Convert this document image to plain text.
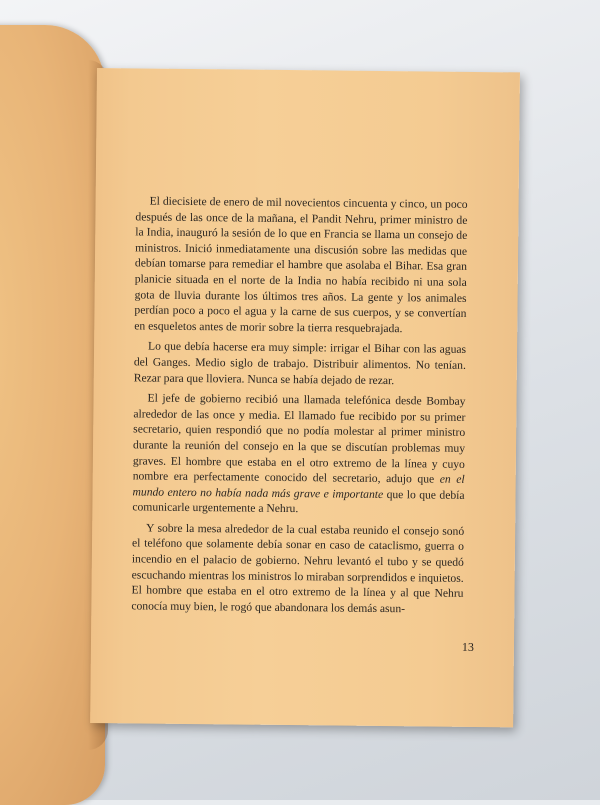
El diecisiete de enero de mil novecientos cincuenta y cinco, un poco después de las once de la mañana, el Pandit Nehru, primer ministro de la India, inauguró la sesión de lo que en Francia se llama un consejo de ministros. Inició inmediatamente una discusión sobre las medidas que debían tomarse para remediar el hambre que asolaba el Bihar. Esa gran planicie situada en el norte de la India no había recibido ni una sola gota de lluvia durante los últimos tres años. La gente y los animales perdían poco a poco el agua y la carne de sus cuerpos, y se convertían en esqueletos antes de morir sobre la tierra resquebrajada.

Lo que debía hacerse era muy simple: irrigar el Bihar con las aguas del Ganges. Medio siglo de trabajo. Distribuir alimentos. No tenían. Rezar para que lloviera. Nunca se había dejado de rezar.

El jefe de gobierno recibió una llamada telefónica desde Bombay alrededor de las once y media. El llamado fue recibido por su primer secretario, quien respondió que no podía molestar al primer ministro durante la reunión del consejo en la que se discutían problemas muy graves. El hombre que estaba en el otro extremo de la línea y cuyo nombre era perfectamente conocido del secretario, adujo que en el mundo entero no había nada más grave e importante que lo que debía comunicarle urgentemente a Nehru.

Y sobre la mesa alrededor de la cual estaba reunido el consejo sonó el teléfono que solamente debía sonar en caso de cataclismo, guerra o incendio en el palacio de gobierno. Nehru levantó el tubo y se quedó escuchando mientras los ministros lo miraban sorprendidos e inquietos. El hombre que estaba en el otro extremo de la línea y al que Nehru conocía muy bien, le rogó que abandonara los demás asun-

13
